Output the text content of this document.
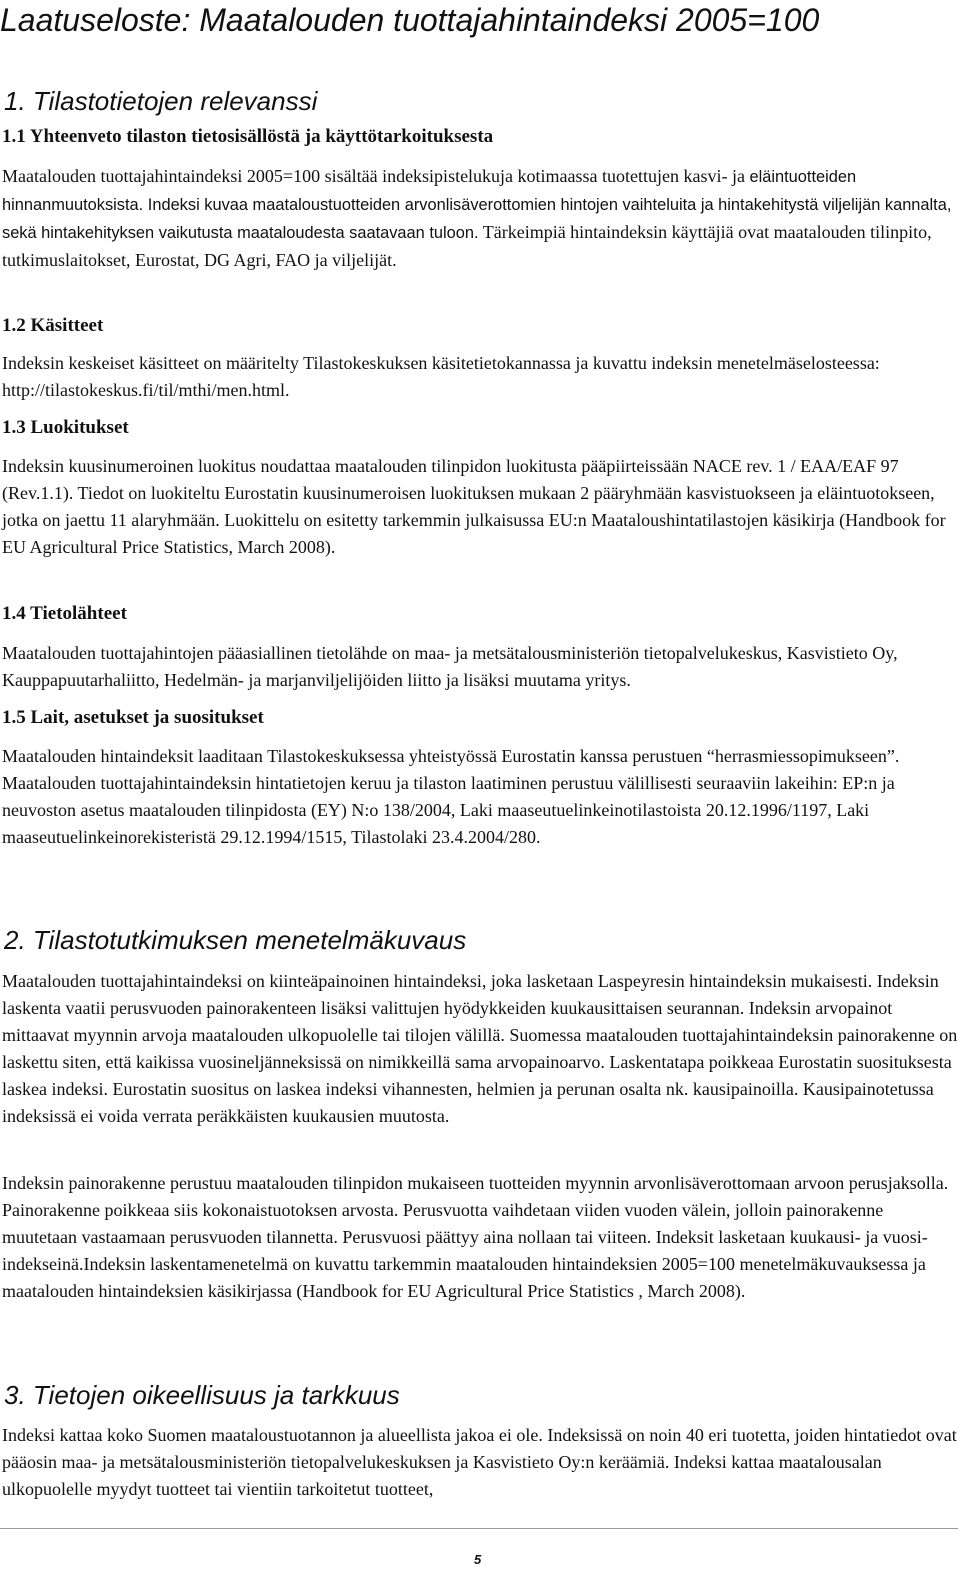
Laatuseloste: Maatalouden tuottajahintaindeksi 2005=100
1. Tilastotietojen relevanssi
1.1 Yhteenveto tilaston tietosisällöstä ja käyttötarkoituksesta

Maatalouden tuottajahintaindeksi 2005=100 sisältää indeksipistelukuja kotimaassa tuotettujen kasvi- ja eläintuotteiden hinnanmuutoksista. Indeksi kuvaa maataloustuotteiden arvonlisäverottomien hintojen vaihteluita ja hintakehitystä viljelijän kannalta, sekä hintakehityksen vaikutusta maataloudesta saatavaan tuloon. Tärkeimpiä hintaindeksin käyttäjiä ovat maatalouden tilinpito, tutkimuslaitokset, Eurostat, DG Agri, FAO ja viljelijät.

1.2 Käsitteet

Indeksin keskeiset käsitteet on määritelty Tilastokeskuksen käsitetietokannassa ja kuvattu indeksin menetelmäselosteessa: http://tilastokeskus.fi/til/mthi/men.html.

1.3 Luokitukset

Indeksin kuusinumeroinen luokitus noudattaa maatalouden tilinpidon luokitusta pääpiirteissään NACE rev. 1 / EAA/EAF 97 (Rev.1.1). Tiedot on luokiteltu Eurostatin kuusinumeroisen luokituksen mukaan 2 pääryhmään kasvistuokseen ja eläintuotokseen, jotka on jaettu 11 alaryhmään. Luokittelu on esitetty tarkemmin julkaisussa EU:n Maataloushintatilastojen käsikirja (Handbook for EU Agricultural Price Statistics, March 2008).

1.4 Tietolähteet

Maatalouden tuottajahintojen pääasiallinen tietolähde on maa- ja metsätalousministeriön tietopalvelukeskus, Kasvistieto Oy, Kauppapuutarhaliitto, Hedelmän- ja marjanviljelijöiden liitto ja lisäksi muutama yritys.

1.5 Lait, asetukset ja suositukset

Maatalouden hintaindeksit laaditaan Tilastokeskuksessa yhteistyössä Eurostatin kanssa perustuen “herrasmiessopimukseen”. Maatalouden tuottajahintaindeksin hintatietojen keruu ja tilaston laatiminen perustuu välillisesti seuraaviin lakeihin: EP:n ja neuvoston asetus maatalouden tilinpidosta (EY) N:o 138/2004, Laki maaseutuelinkeinotilastoista 20.12.1996/1197, Laki maaseutuelinkeinorekisteristä 29.12.1994/1515, Tilastolaki 23.4.2004/280.

2. Tilastotutkimuksen menetelmäkuvaus

Maatalouden tuottajahintaindeksi on kiinteäpainoinen hintaindeksi, joka lasketaan Laspeyresin hintaindeksin mukaisesti. Indeksin laskenta vaatii perusvuoden painorakenteen lisäksi valittujen hyödykkeiden kuukausittaisen seurannan. Indeksin arvopainot mittaavat myynnin arvoja maatalouden ulkopuolelle tai tilojen välillä. Suomessa maatalouden tuottajahintaindeksin painorakenne on laskettu siten, että kaikissa vuosineljänneksissä on nimikkeillä sama arvopainoarvo. Laskentatapa poikkeaa Eurostatin suosituksesta laskea indeksi. Eurostatin suositus on laskea indeksi vihannesten, helmien ja perunan osalta nk. kausipainoilla. Kausipainotetussa indeksissä ei voida verrata peräkkäisten kuukausien muutosta.

Indeksin painorakenne perustuu maatalouden tilinpidon mukaiseen tuotteiden myynnin arvonlisäverottomaan arvoon perusjaksolla. Painorakenne poikkeaa siis kokonaistuotoksen arvosta. Perusvuotta vaihdetaan viiden vuoden välein, jolloin painorakenne muutetaan vastaamaan perusvuoden tilannetta. Perusvuosi päättyy aina nollaan tai viiteen. Indeksit lasketaan kuukausi- ja vuosi-indekseinä.Indeksin laskentamenetelmä on kuvattu tarkemmin maatalouden hintaindeksien 2005=100 menetelmäkuvauksessa ja maatalouden hintaindeksien käsikirjassa (Handbook for EU Agricultural Price Statistics , March 2008).

3. Tietojen oikeellisuus ja tarkkuus

Indeksi kattaa koko Suomen maataloustuotannon ja alueellista jakoa ei ole. Indeksissä on noin 40 eri tuotetta, joiden hintatiedot ovat pääosin maa- ja metsätalousministeriön tietopalvelukeskuksen ja Kasvistieto Oy:n keräämiä. Indeksi kattaa maatalousalan ulkopuolelle myydyt tuotteet tai vientiin tarkoitetut tuotteet,

5
